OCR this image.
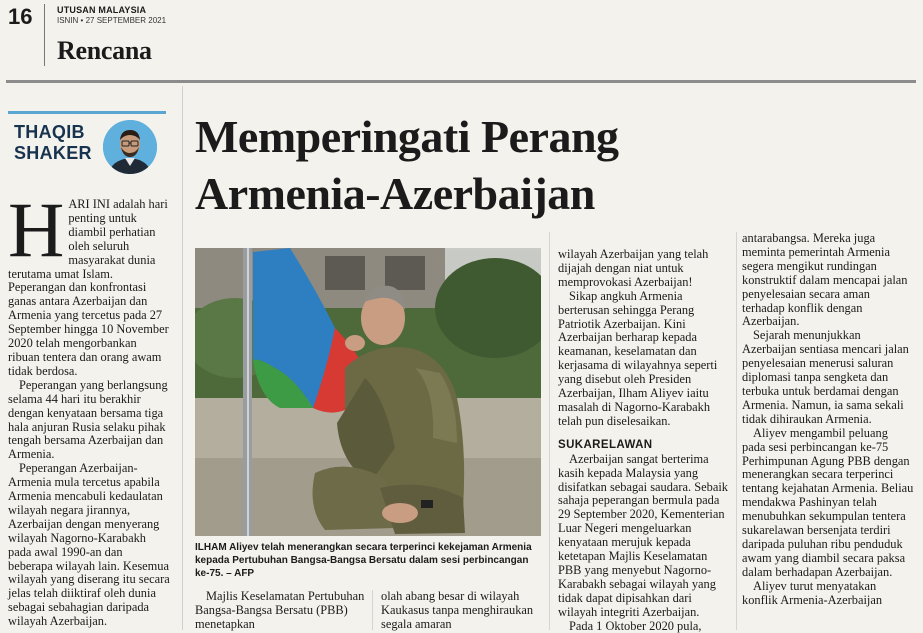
16	UTUSAN MALAYSIA
ISNIN • 27 SEPTEMBER 2021
Rencana
THAQIB
SHAKER

HARI INI adalah hari penting untuk diambil perhatian oleh seluruh masyarakat dunia terutama umat Islam. Peperangan dan konfrontasi ganas antara Azerbaijan dan Armenia yang tercetus pada 27 September hingga 10 November 2020 telah mengorbankan ribuan tentera dan orang awam tidak berdosa.

Peperangan yang berlangsung selama 44 hari itu berakhir dengan kenyataan bersama tiga hala anjuran Rusia selaku pihak tengah bersama Azerbaijan dan Armenia.

Peperangan Azerbaijan-Armenia mula tercetus apabila Armenia mencabuli kedaulatan wilayah negara jirannya, Azerbaijan dengan menyerang wilayah Nagorno-Karabakh pada awal 1990-an dan beberapa wilayah lain. Kesemua wilayah yang diserang itu secara jelas telah diiktiraf oleh dunia sebagai sebahagian daripada wilayah Azerbaijan.

Memperingati Perang
Armenia-Azerbaijan
ILHAM Aliyev telah menerangkan secara terperinci kekejaman Armenia kepada Pertubuhan Bangsa-Bangsa Bersatu dalam sesi perbincangan ke-75. – AFP

Majlis Keselamatan Pertubuhan Bangsa-Bangsa Bersatu (PBB) menetapkan

olah abang besar di wilayah Kaukasus tanpa menghiraukan segala amaran

wilayah Azerbaijan yang telah dijajah dengan niat untuk memprovokasi Azerbaijan!

Sikap angkuh Armenia berterusan sehingga Perang Patriotik Azerbaijan. Kini Azerbaijan berharap kepada keamanan, keselamatan dan kerjasama di wilayahnya seperti yang disebut oleh Presiden Azerbaijan, Ilham Aliyev iaitu masalah di Nagorno-Karabakh telah pun diselesaikan.

SUKARELAWAN

Azerbaijan sangat berterima kasih kepada Malaysia yang disifatkan sebagai saudara. Sebaik sahaja peperangan bermula pada 29 September 2020, Kementerian Luar Negeri mengeluarkan kenyataan merujuk kepada ketetapan Majlis Keselamatan PBB yang menyebut Nagorno-Karabakh sebagai wilayah yang tidak dapat dipisahkan dari wilayah integriti Azerbaijan.

Pada 1 Oktober 2020 pula,

antarabangsa. Mereka juga meminta pemerintah Armenia segera mengikut rundingan konstruktif dalam mencapai jalan penyelesaian secara aman terhadap konflik dengan Azerbaijan.

Sejarah menunjukkan Azerbaijan sentiasa mencari jalan penyelesaian menerusi saluran diplomasi tanpa sengketa dan terbuka untuk berdamai dengan Armenia. Namun, ia sama sekali tidak dihiraukan Armenia.

Aliyev mengambil peluang pada sesi perbincangan ke-75 Perhimpunan Agung PBB dengan menerangkan secara terperinci tentang kejahatan Armenia. Beliau mendakwa Pashinyan telah menubuhkan sekumpulan tentera sukarelawan bersenjata terdiri daripada puluhan ribu penduduk awam yang diambil secara paksa dalam berhadapan Azerbaijan.

Aliyev turut menyatakan konflik Armenia-Azerbaijan
